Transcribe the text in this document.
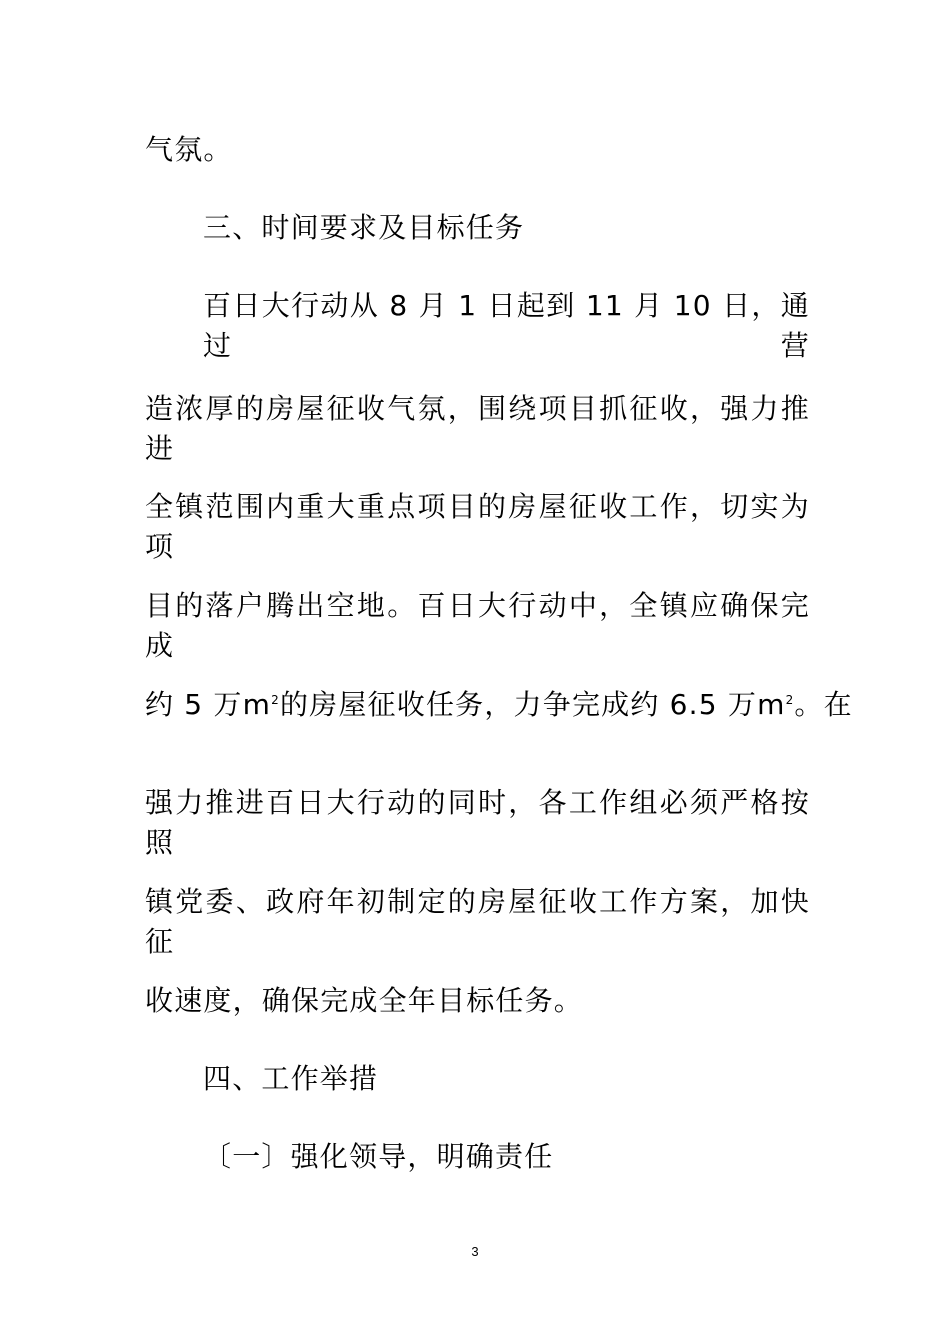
气氛。
三、时间要求及目标任务
百日大行动从 8 月 1 日起到 11 月 10 日，通过营
造浓厚的房屋征收气氛，围绕项目抓征收，强力推进
全镇范围内重大重点项目的房屋征收工作，切实为项
目的落户腾出空地。百日大行动中，全镇应确保完成
约 5 万$m^2$的房屋征收任务，力争完成约 6.5 万$m^2$。在
强力推进百日大行动的同时，各工作组必须严格按照
镇党委、政府年初制定的房屋征收工作方案，加快征
收速度，确保完成全年目标任务。
四、工作举措
〔一〕强化领导，明确责任
3
